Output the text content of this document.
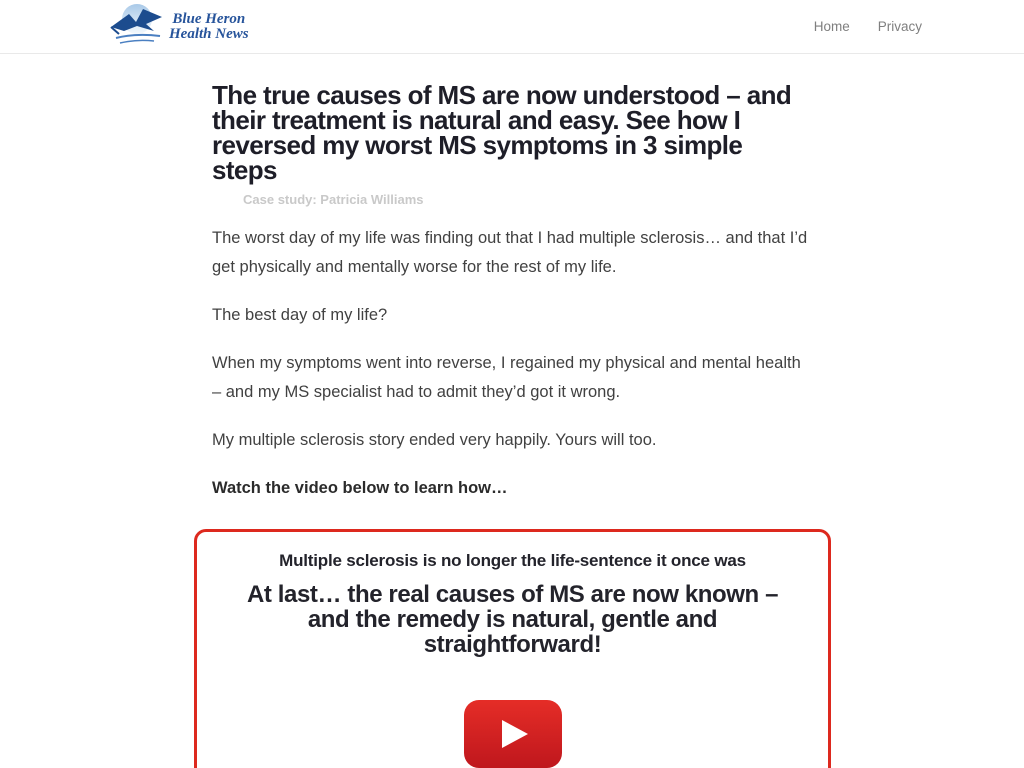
Blue Heron
Health News	Home Privacy
The true causes of MS are now understood – and their treatment is natural and easy. See how I reversed my worst MS symptoms in 3 simple steps
Case study: Patricia Williams

The worst day of my life was finding out that I had multiple sclerosis… and that I’d get physically and mentally worse for the rest of my life.

The best day of my life?

When my symptoms went into reverse, I regained my physical and mental health – and my MS specialist had to admit they’d got it wrong.

My multiple sclerosis story ended very happily. Yours will too.

Watch the video below to learn how…

Multiple sclerosis is no longer the life-sentence it once was

At last… the real causes of MS are now known – and the remedy is natural, gentle and straightforward!
